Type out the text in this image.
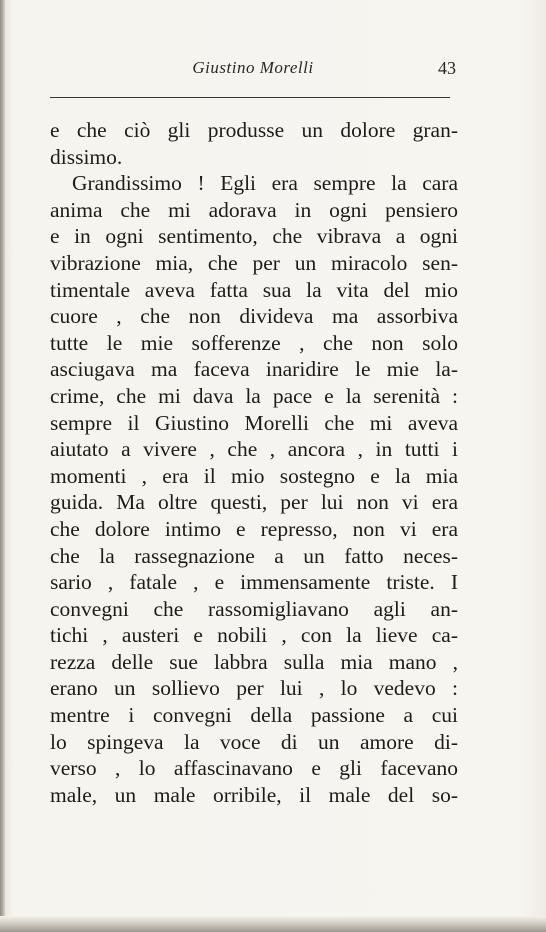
Giustino Morelli	43
e che ciò gli produsse un dolore gran-
dissimo.
Grandissimo ! Egli era sempre la cara
anima che mi adorava in ogni pensiero
e in ogni sentimento, che vibrava a ogni
vibrazione mia, che per un miracolo sen-
timentale aveva fatta sua la vita del mio
cuore , che non divideva ma assorbiva
tutte le mie sofferenze , che non solo
asciugava ma faceva inaridire le mie la-
crime, che mi dava la pace e la serenità :
sempre il Giustino Morelli che mi aveva
aiutato a vivere , che , ancora , in tutti i
momenti , era il mio sostegno e la mia
guida. Ma oltre questi, per lui non vi era
che dolore intimo e represso, non vi era
che la rassegnazione a un fatto neces-
sario , fatale , e immensamente triste. I
convegni che rassomigliavano agli an-
tichi , austeri e nobili , con la lieve ca-
rezza delle sue labbra sulla mia mano ,
erano un sollievo per lui , lo vedevo :
mentre i convegni della passione a cui
lo spingeva la voce di un amore di-
verso , lo affascinavano e gli facevano
male, un male orribile, il male del so-
